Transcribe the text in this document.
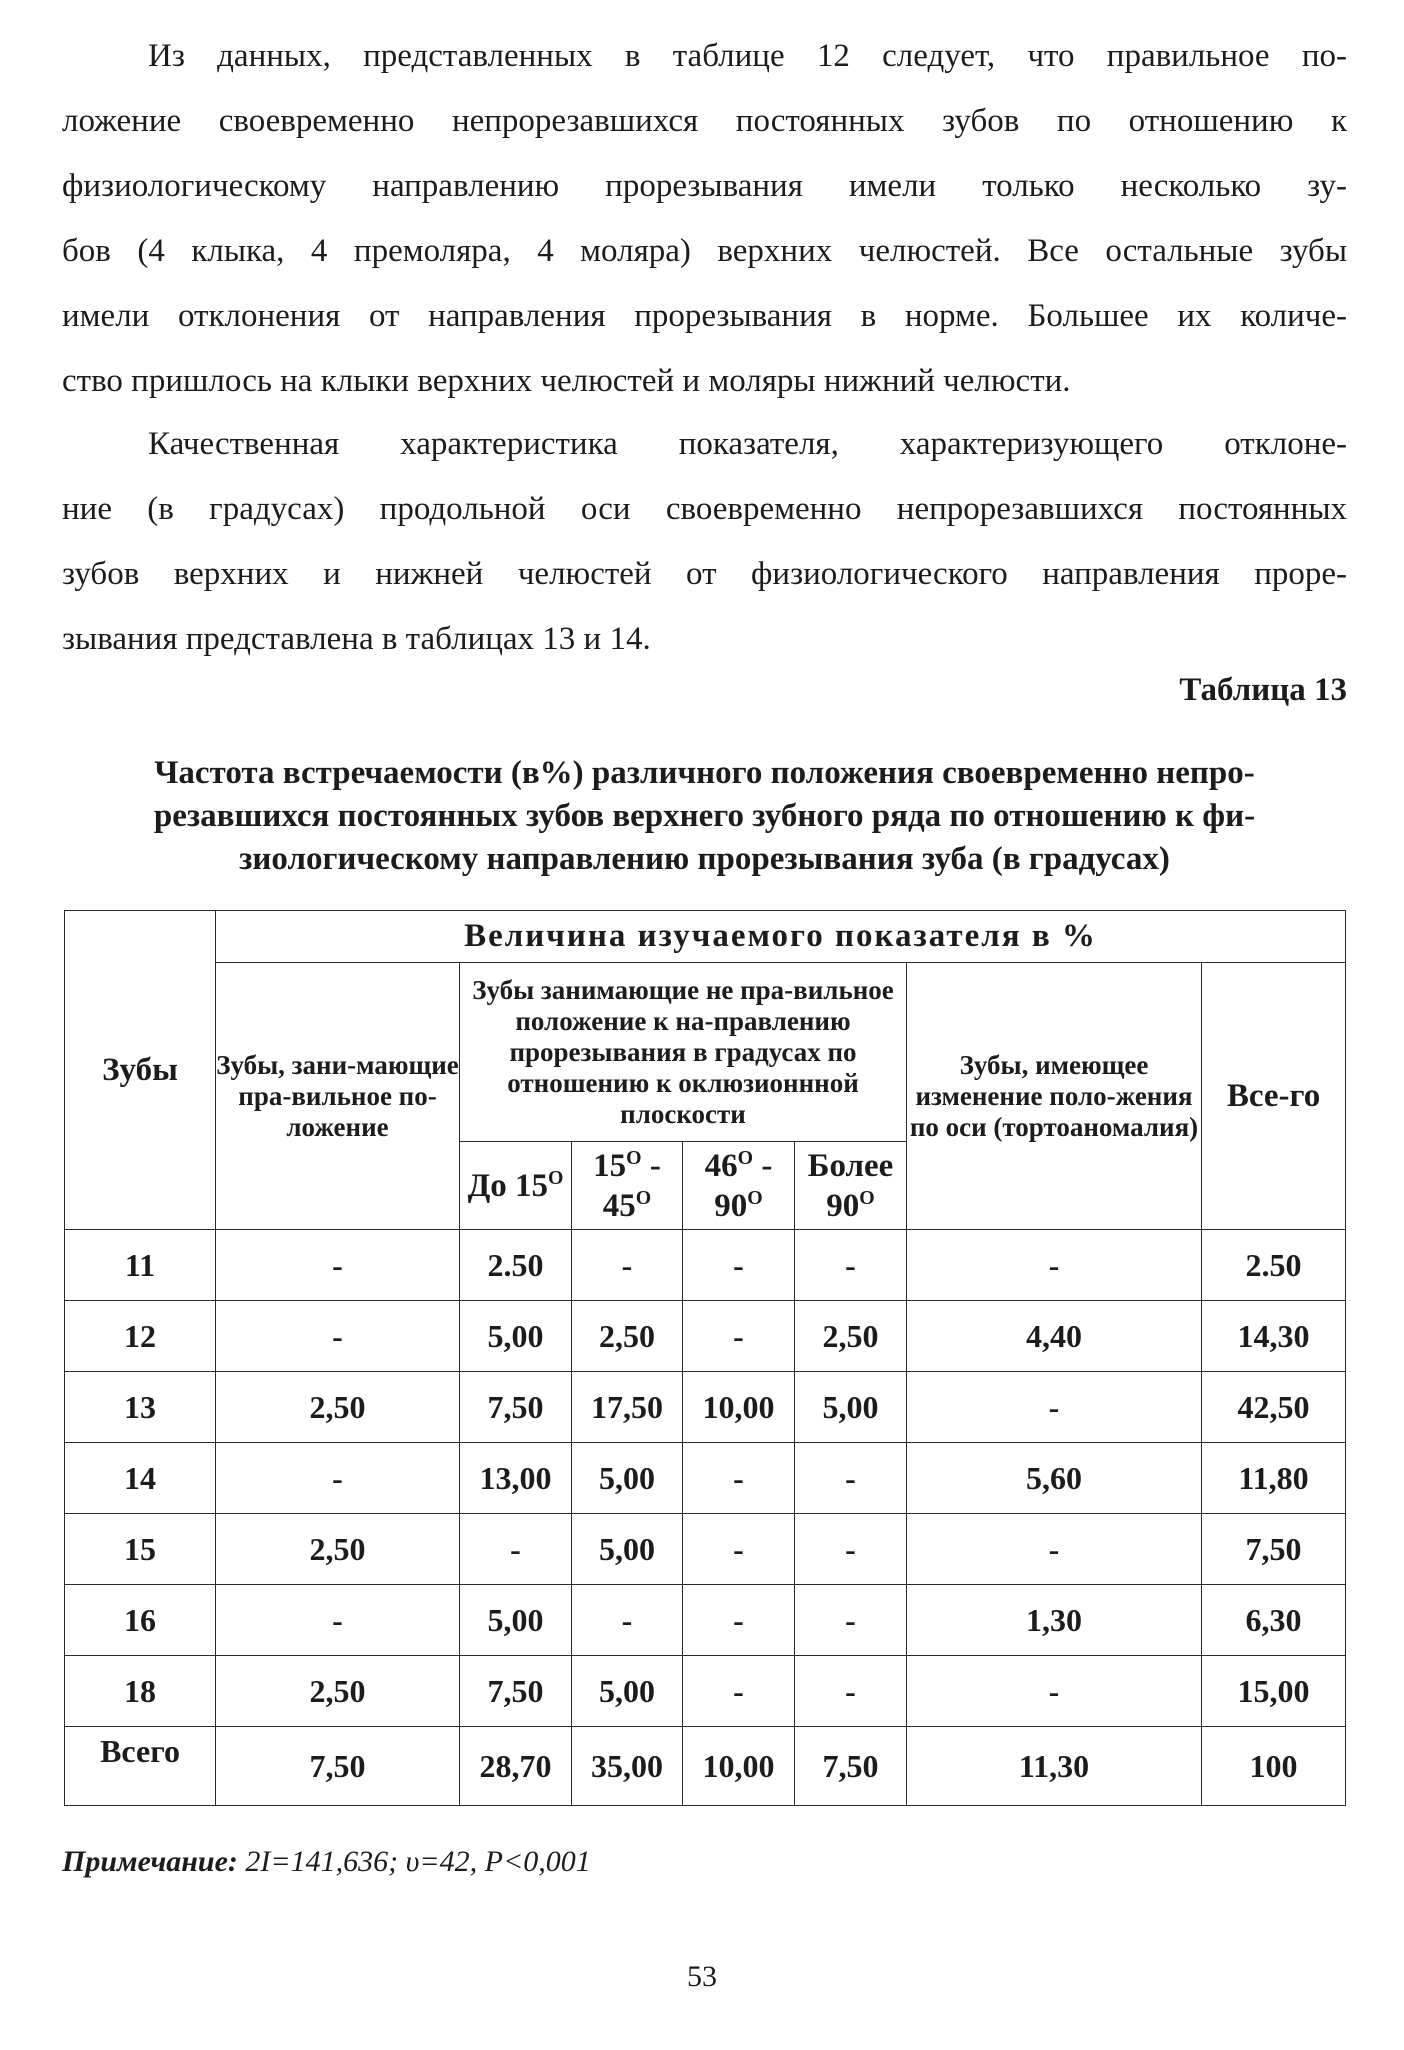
Из данных, представленных в таблице 12 следует, что правильное по-
ложение своевременно непрорезавшихся постоянных зубов по отношению к
физиологическому направлению прорезывания имели только несколько зу-
бов (4 клыка, 4 премоляра, 4 моляра) верхних челюстей. Все остальные зубы
имели отклонения от направления прорезывания в норме. Большее их количе-
ство пришлось на клыки верхних челюстей и моляры нижний челюсти.
Качественная характеристика показателя, характеризующего отклоне-
ние (в градусах) продольной оси своевременно непрорезавшихся постоянных
зубов верхних и нижней челюстей от физиологического направления проре-
зывания представлена в таблицах 13 и 14.

Таблица 13

Частота встречаемости (в%) различного положения своевременно непро-
резавшихся постоянных зубов верхнего зубного ряда по отношению к фи-
зиологическому направлению прорезывания зуба (в градусах)
Зубы	Величина изучаемого показателя в %						
	Зубы, зани-мающие пра-вильное по-ложение	Зубы занимающие не пра-вильное положение к на-правлению прорезывания в градусах по отношению к оклюзионнной плоскости				Зубы, имеющее изменение поло-жения по оси (тортоаномалия)	Все-го
		До $15^О$	$15^О - 45^О$	$46^О - 90^О$	Более $90^О$
11	-	2.50	-	-	-	-	2.50
12	-	5,00	2,50	-	2,50	4,40	14,30
13	2,50	7,50	17,50	10,00	5,00	-	42,50
14	-	13,00	5,00	-	-	5,60	11,80
15	2,50	-	5,00	-	-	-	7,50
16	-	5,00	-	-	-	1,30	6,30
18	2,50	7,50	5,00	-	-	-	15,00
Всего	7,50	28,70	35,00	10,00	7,50	11,30	100

Примечание: 2I=141,636; υ=42, P<0,001

53
